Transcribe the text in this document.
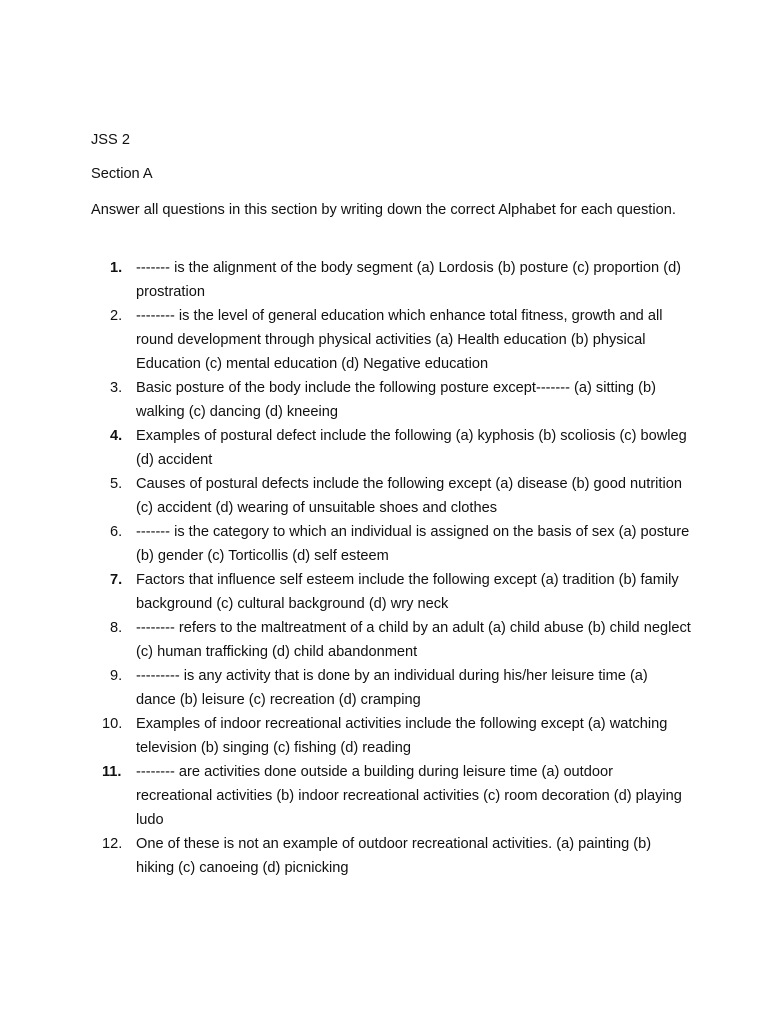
JSS 2
Section A
Answer all questions in this section by writing down the correct Alphabet for each question.
1. ------- is the alignment of the body segment (a) Lordosis (b) posture (c) proportion (d) prostration
2. -------- is the level of general education which enhance total fitness, growth and all round development through physical activities (a) Health education (b) physical Education (c) mental education (d) Negative education
3. Basic posture of the body include the following posture except------- (a) sitting (b) walking (c) dancing (d) kneeing
4. Examples of postural defect include the following (a) kyphosis (b) scoliosis (c) bowleg (d) accident
5. Causes of postural defects include the following except (a) disease (b) good nutrition (c) accident (d) wearing of unsuitable shoes and clothes
6. ------- is the category to which an individual is assigned on the basis of sex (a) posture (b) gender (c) Torticollis (d) self esteem
7. Factors that influence self esteem include the following except (a) tradition (b) family background (c) cultural background (d) wry neck
8. -------- refers to the maltreatment of a child by an adult (a) child abuse (b) child neglect (c) human trafficking (d) child abandonment
9. --------- is any activity that is done by an individual during his/her leisure time (a) dance (b) leisure (c) recreation (d) cramping
10. Examples of indoor recreational activities include the following except (a) watching television (b) singing (c) fishing (d) reading
11. -------- are activities done outside a building during leisure time (a) outdoor recreational activities (b) indoor recreational activities (c) room decoration (d) playing ludo
12. One of these is not an example of outdoor recreational activities. (a) painting (b) hiking (c) canoeing (d) picnicking
